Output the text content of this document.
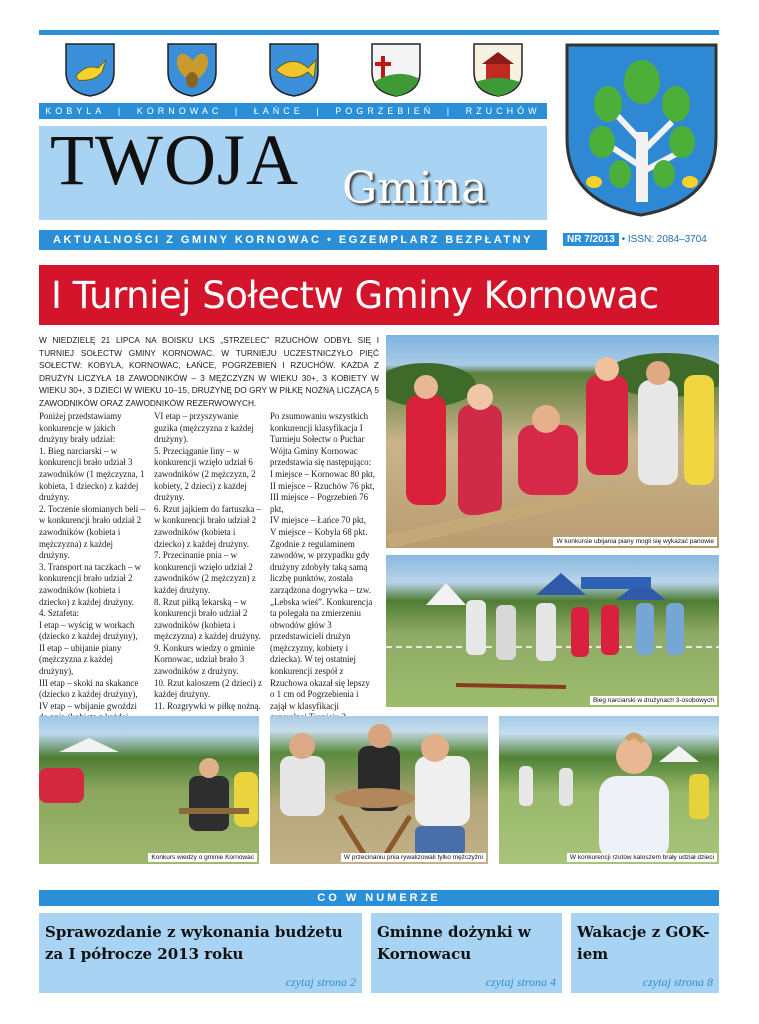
KOBYLA | KORNOWAC | ŁAŃCE | POGRZEBIEŃ | RZUCHÓW
TWOJA Gmina
AKTUALNOŚCI Z GMINY KORNOWAC • EGZEMPLARZ BEZPŁATNY	NR 7/2013 • ISSN: 2084–3704
I Turniej Sołectw Gminy Kornowac
W NIEDZIELĘ 21 LIPCA NA BOISKU LKS „STRZELEC” RZUCHÓW ODBYŁ SIĘ I TURNIEJ SOŁECTW GMINY KORNOWAC. W TURNIEJU UCZESTNICZYŁO PIĘĆ SOŁECTW: KOBYLA, KORNOWAC, ŁAŃCE, POGRZEBIEŃ I RZUCHÓW. KAŻDA Z DRUŻYN LICZYŁA 18 ZAWODNIKÓW – 3 MĘŻCZYZN W WIEKU 30+, 3 KOBIETY W WIEKU 30+, 3 DZIECI W WIEKU 10–15, DRUŻYNĘ DO GRY W PIŁKĘ NOŻNĄ LICZĄCĄ 5 ZAWODNIKÓW ORAZ ZAWODNIKÓW REZERWOWYCH.

Poniżej przedstawiamy konkurencje w jakich drużyny brały udział:

1. Bieg narciarski – w konkurencji brało udział 3 zawodników (1 mężczyzna, 1 kobieta, 1 dziecko) z każdej drużyny.

2. Toczenie słomianych beli – w konkurencji brało udział 2 zawodników (kobieta i mężczyzna) z każdej drużyny.

3. Transport na taczkach – w konkurencji brało udział 2 zawodników (kobieta i dziecko) z każdej drużyny.

4. Sztafeta:

I etap – wyścig w workach (dziecko z każdej drużyny),

II etap – ubijanie piany (mężczyzna z każdej drużyny),

III etap – skoki na skakance (dziecko z każdej drużyny),

IV etap – wbijanie gwoździ

VI etap – przyszywanie guzika (mężczyzna z każdej drużyny).

5. Przeciąganie liny – w konkurencji wzięło udział 6 zawodników (2 mężczyzn, 2 kobiety, 2 dzieci) z każdej drużyny.

6. Rzut jajkiem do fartuszka – w konkurencji brało udział 2 zawodników (kobieta i dziecko) z każdej drużyny.

7. Przecinanie pnia – w konkurencji wzięło udział 2 zawodników (2 mężczyzn) z każdej drużyny.

8. Rzut piłką lekarską – w konkurencji brało udział 2 zawodników (kobieta i mężczyzna) z każdej drużyny.

9. Konkurs wiedzy o gminie Kornowac, udział brało 3 zawodników z drużyny.

10. Rzut kaloszem (2 dzieci) z każdej drużyny.

11. Rozgrywki w piłkę nożną.

Po zsumowaniu wszystkich konkurencji klasyfikacja I Turnieju Sołectw o Puchar Wójta Gminy Kornowac przedstawia się następująco:

I miejsce – Kornowac 80 pkt,

II miejsce – Rzuchów 76 pkt,

III miejsce – Pogrzebień 76 pkt,

IV miejsce – Łańce 70 pkt,

V miejsce – Kobyla 68 pkt.

Zgodnie z regulaminem zawodów, w przypadku gdy drużyny zdobyły taką samą liczbę punktów, została zarządzona dogrywka – tzw. „Lebska wieś”. Konkurencja ta polegała na zmierzeniu obwodów głów 3 przedstawicieli drużyn (mężczyzny, kobiety i dziecka). W tej ostatniej konkurencji zespół z Rzuchowa okazał się lepszy o 1 cm od Pogrzebienia i zajął w klasyfikacji

W konkursie ubijania piany mogli się wykazać panowie
Bieg narciarski w drużynach 3-osobowych
Konkurs wiedzy o gminie Kornowac	W przecinaniu pnia rywalizowali tylko mężczyźni	W konkurencji rzutów kaloszem brały udział dzieci
CO W NUMERZE
Sprawozdanie z wykonania budżetu za I półrocze 2013 roku
czytaj strona 2
Gminne dożynki w Kornowacu
czytaj strona 4
Wakacje z GOK-iem
czytaj strona 8
